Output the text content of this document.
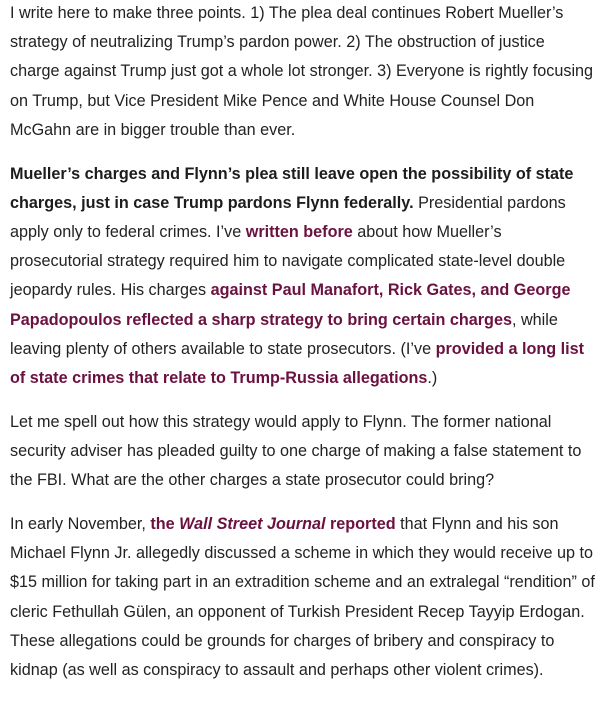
I write here to make three points. 1) The plea deal continues Robert Mueller’s strategy of neutralizing Trump’s pardon power. 2) The obstruction of justice charge against Trump just got a whole lot stronger. 3) Everyone is rightly focusing on Trump, but Vice President Mike Pence and White House Counsel Don McGahn are in bigger trouble than ever.

Mueller’s charges and Flynn’s plea still leave open the possibility of state charges, just in case Trump pardons Flynn federally. Presidential pardons apply only to federal crimes. I’ve written before about how Mueller’s prosecutorial strategy required him to navigate complicated state-level double jeopardy rules. His charges against Paul Manafort, Rick Gates, and George Papadopoulos reflected a sharp strategy to bring certain charges, while leaving plenty of others available to state prosecutors. (I’ve provided a long list of state crimes that relate to Trump-Russia allegations.)

Let me spell out how this strategy would apply to Flynn. The former national security adviser has pleaded guilty to one charge of making a false statement to the FBI. What are the other charges a state prosecutor could bring?

In early November, the Wall Street Journal reported that Flynn and his son Michael Flynn Jr. allegedly discussed a scheme in which they would receive up to $15 million for taking part in an extradition scheme and an extralegal “rendition” of cleric Fethullah Gülen, an opponent of Turkish President Recep Tayyip Erdogan. These allegations could be grounds for charges of bribery and conspiracy to kidnap (as well as conspiracy to assault and perhaps other violent crimes).
